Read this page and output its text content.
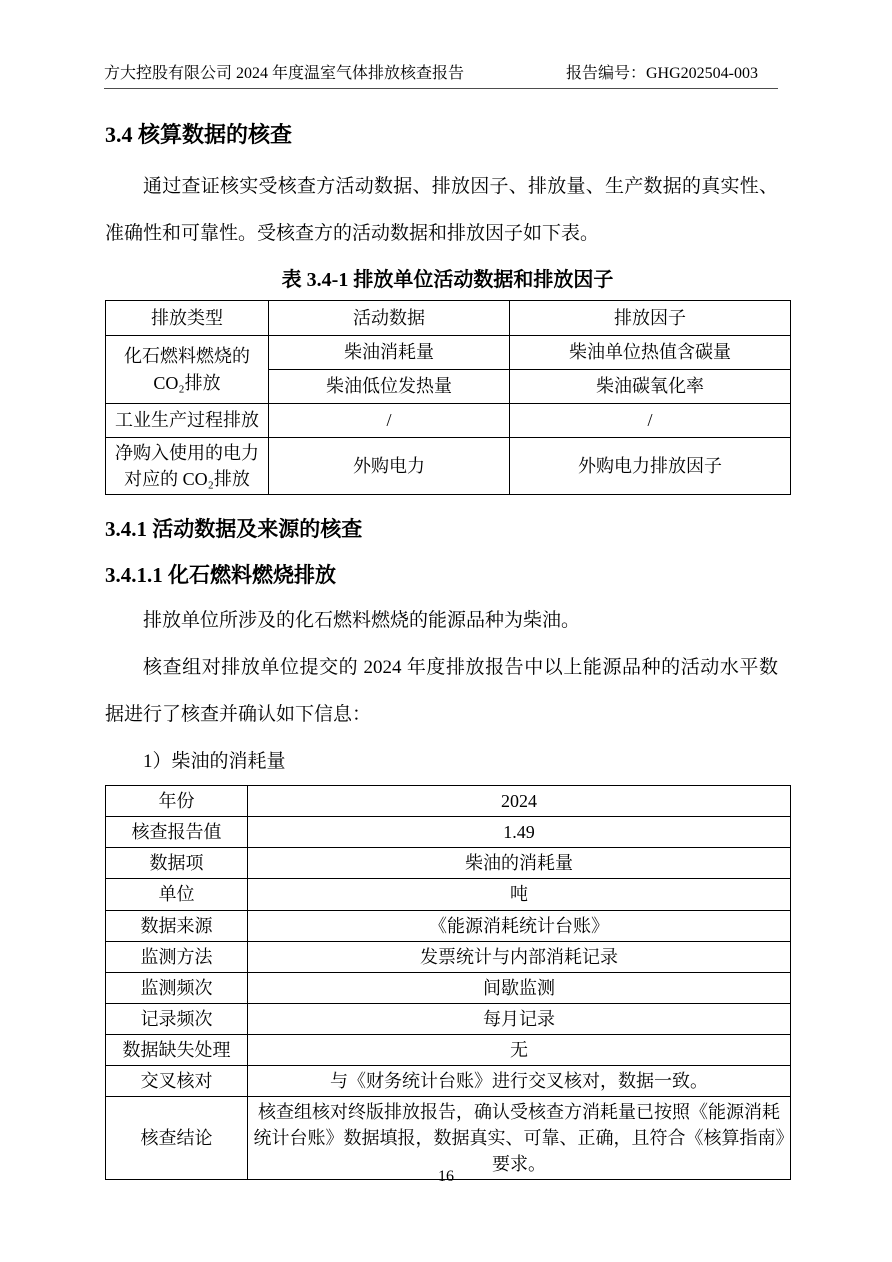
方大控股有限公司 2024 年度温室气体排放核查报告	报告编号：GHG202504-003
3.4 核算数据的核查

通过查证核实受核查方活动数据、排放因子、排放量、生产数据的真实性、准确性和可靠性。受核查方的活动数据和排放因子如下表。

表 3.4-1 排放单位活动数据和排放因子
排放类型	活动数据	排放因子
化石燃料燃烧的 CO₂排放	柴油消耗量	柴油单位热值含碳量
	柴油低位发热量	柴油碳氧化率
工业生产过程排放	/	/
净购入使用的电力对应的 CO₂排放	外购电力	外购电力排放因子
3.4.1 活动数据及来源的核查
3.4.1.1 化石燃料燃烧排放

排放单位所涉及的化石燃料燃烧的能源品种为柴油。

核查组对排放单位提交的 2024 年度排放报告中以上能源品种的活动水平数据进行了核查并确认如下信息：

1）柴油的消耗量
年份	2024
核查报告值	1.49
数据项	柴油的消耗量
单位	吨
数据来源	《能源消耗统计台账》
监测方法	发票统计与内部消耗记录
监测频次	间歇监测
记录频次	每月记录
数据缺失处理	无
交叉核对	与《财务统计台账》进行交叉核对，数据一致。
核查结论	核查组核对终版排放报告，确认受核查方消耗量已按照《能源消耗统计台账》数据填报，数据真实、可靠、正确，且符合《核算指南》要求。
16
